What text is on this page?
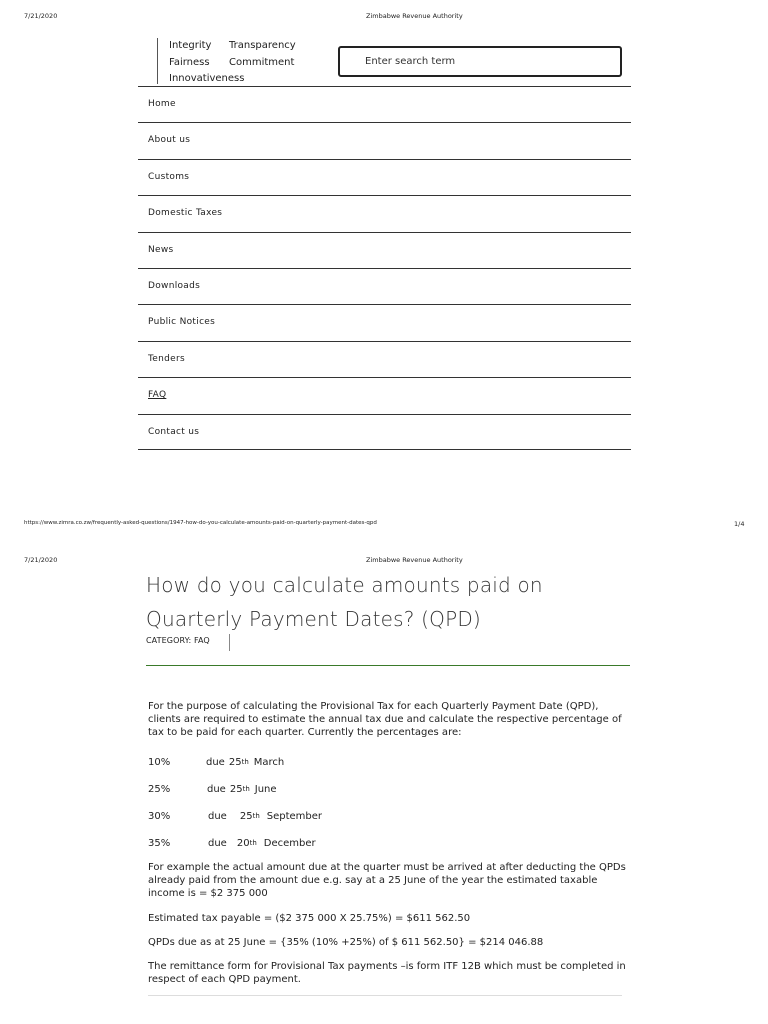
7/21/2020	Zimbabwe Revenue Authority
Integrity	Transparency
Fairness	Commitment
Innovativeness
Enter search term
Home
About us
Customs
Domestic Taxes
News
Downloads
Public Notices
Tenders
FAQ
Contact us
https://www.zimra.co.zw/frequently-asked-questions/1947-how-do-you-calculate-amounts-paid-on-quarterly-payment-dates-qpd	1/4
7/21/2020	Zimbabwe Revenue Authority
How do you calculate amounts paid on
Quarterly Payment Dates? (QPD)
CATEGORY: FAQ

For the purpose of calculating the Provisional Tax for each Quarterly Payment Date (QPD), clients are required to estimate the annual tax due and calculate the respective percentage of tax to be paid for each quarter. Currently the percentages are:

10%	due 25 th March
25%	due 25 th June
30%	due 25 th September
35%	due 20 th December

For example the actual amount due at the quarter must be arrived at after deducting the QPDs already paid from the amount due e.g. say at a 25 June of the year the estimated taxable income is = $2 375 000

Estimated tax payable = ($2 375 000 X 25.75%) = $611 562.50

QPDs due as at 25 June = {35% (10% +25%) of $ 611 562.50} = $214 046.88

The remittance form for Provisional Tax payments –is form ITF 12B which must be completed in respect of each QPD payment.
